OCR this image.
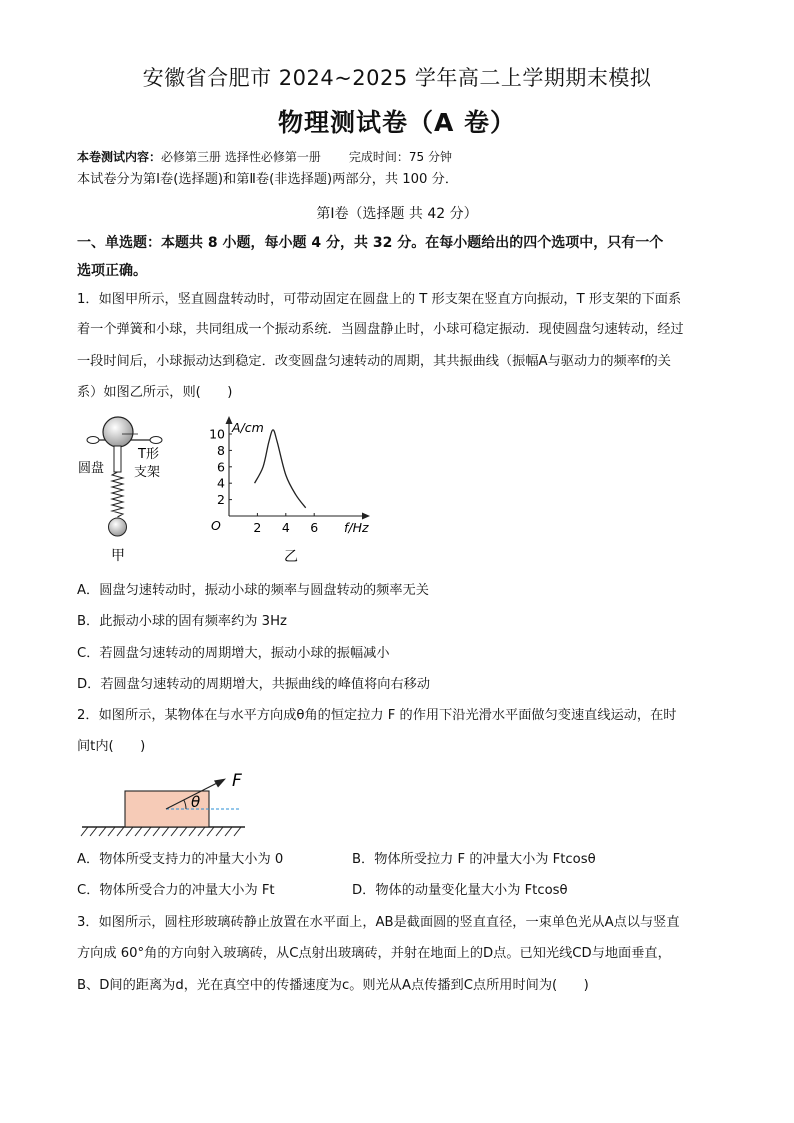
安徽省合肥市 2024~2025 学年高二上学期期末模拟
物理测试卷（A 卷）
本卷测试内容：必修第三册 选择性必修第一册 完成时间：75 分钟
本试卷分为第Ⅰ卷(选择题)和第Ⅱ卷(非选择题)两部分，共 100 分．
第Ⅰ卷（选择题 共 42 分）
一、单选题：本题共 8 小题，每小题 4 分，共 32 分。在每小题给出的四个选项中，只有一个
选项正确。
1．如图甲所示，竖直圆盘转动时，可带动固定在圆盘上的 T 形支架在竖直方向振动，T 形支架的下面系
着一个弹簧和小球，共同组成一个振动系统．当圆盘静止时，小球可稳定振动．现使圆盘匀速转动，经过
一段时间后，小球振动达到稳定．改变圆盘匀速转动的周期，其共振曲线（振幅A与驱动力的频率f的关
系）如图乙所示，则(　　)
圆盘
T形
支架
甲
A/cm
f/Hz
O
10
8
6
4
2
2 4 6
乙
A．圆盘匀速转动时，振动小球的频率与圆盘转动的频率无关
B．此振动小球的固有频率约为 3Hz
C．若圆盘匀速转动的周期增大，振动小球的振幅减小
D．若圆盘匀速转动的周期增大，共振曲线的峰值将向右移动
2．如图所示，某物体在与水平方向成θ角的恒定拉力 F 的作用下沿光滑水平面做匀变速直线运动，在时
间t内(　　)
F
θ
A．物体所受支持力的冲量大小为 0	B．物体所受拉力 F 的冲量大小为 Ftcosθ
C．物体所受合力的冲量大小为 Ft	D．物体的动量变化量大小为 Ftcosθ
3．如图所示，圆柱形玻璃砖静止放置在水平面上，AB是截面圆的竖直直径，一束单色光从A点以与竖直
方向成 60°角的方向射入玻璃砖，从C点射出玻璃砖，并射在地面上的D点。已知光线CD与地面垂直，
B、D间的距离为d，光在真空中的传播速度为c。则光从A点传播到C点所用时间为(　　)
